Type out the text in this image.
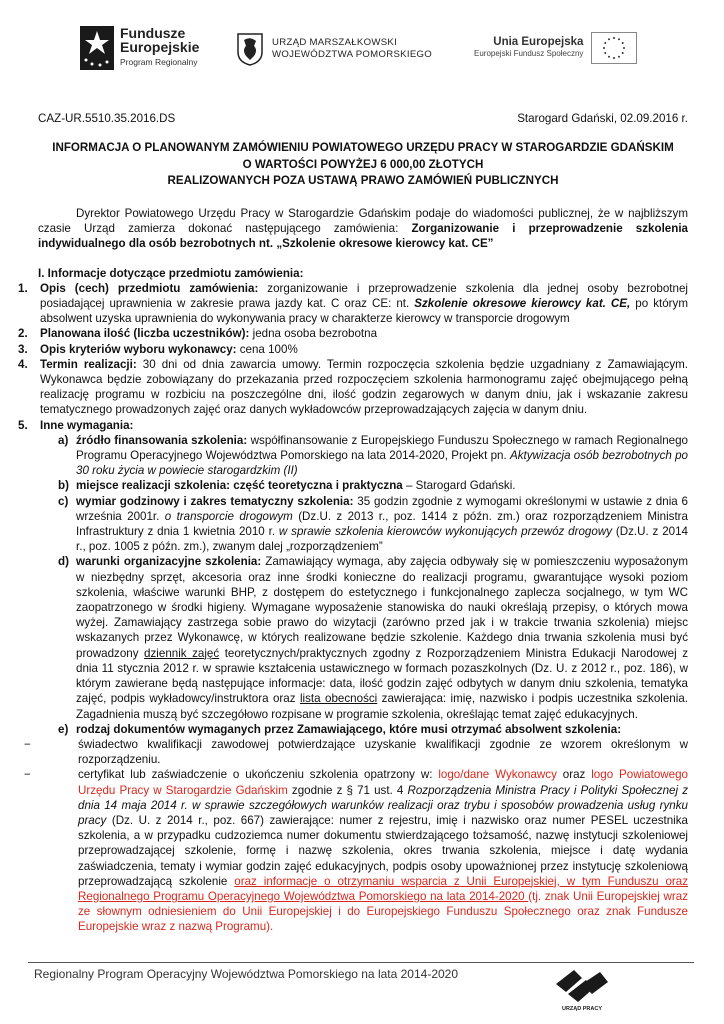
Fundusze
Europejskie
Program Regionalny
URZĄD MARSZAŁKOWSKI
WOJEWÓDZTWA POMORSKIEGO
Unia Europejska
Europejski Fundusz Społeczny
CAZ-UR.5510.35.2016.DS	Starogard Gdański, 02.09.2016 r.
INFORMACJA O PLANOWANYM ZAMÓWIENIU POWIATOWEGO URZĘDU PRACY W STAROGARDZIE GDAŃSKIM
O WARTOŚCI POWYŻEJ 6 000,00 ZŁOTYCH
REALIZOWANYCH POZA USTAWĄ PRAWO ZAMÓWIEŃ PUBLICZNYCH

Dyrektor Powiatowego Urzędu Pracy w Starogardzie Gdańskim podaje do wiadomości publicznej, że w najbliższym czasie Urząd zamierza dokonać następującego zamówienia: Zorganizowanie i przeprowadzenie szkolenia indywidualnego dla osób bezrobotnych nt. „Szkolenie okresowe kierowcy kat. CE”

I. Informacje dotyczące przedmiotu zamówienia:

1.	Opis (cech) przedmiotu zamówienia: zorganizowanie i przeprowadzenie szkolenia dla jednej osoby bezrobotnej posiadającej uprawnienia w zakresie prawa jazdy kat. C oraz CE: nt. Szkolenie okresowe kierowcy kat. CE, po którym absolwent uzyska uprawnienia do wykonywania pracy w charakterze kierowcy w transporcie drogowym
2.	Planowana ilość (liczba uczestników): jedna osoba bezrobotna
3.	Opis kryteriów wyboru wykonawcy: cena 100%
4.	Termin realizacji: 30 dni od dnia zawarcia umowy. Termin rozpoczęcia szkolenia będzie uzgadniany z Zamawiającym. Wykonawca będzie zobowiązany do przekazania przed rozpoczęciem szkolenia harmonogramu zajęć obejmującego pełną realizację programu w rozbiciu na poszczególne dni, ilość godzin zegarowych w danym dniu, jak i wskazanie zakresu tematycznego prowadzonych zajęć oraz danych wykładowców przeprowadzających zajęcia w danym dniu.
5.	Inne wymagania:
a) źródło finansowania szkolenia: współfinansowanie z Europejskiego Funduszu Społecznego w ramach Regionalnego Programu Operacyjnego Województwa Pomorskiego na lata 2014-2020, Projekt pn. Aktywizacja osób bezrobotnych po 30 roku życia w powiecie starogardzkim (II)
b) miejsce realizacji szkolenia: część teoretyczna i praktyczna – Starogard Gdański.
c) wymiar godzinowy i zakres tematyczny szkolenia: 35 godzin zgodnie z wymogami określonymi w ustawie z dnia 6 września 2001r. o transporcie drogowym (Dz.U. z 2013 r., poz. 1414 z późn. zm.) oraz rozporządzeniem Ministra Infrastruktury z dnia 1 kwietnia 2010 r. w sprawie szkolenia kierowców wykonujących przewóz drogowy (Dz.U. z 2014 r., poz. 1005 z późn. zm.), zwanym dalej „rozporządzeniem”
d) warunki organizacyjne szkolenia: Zamawiający wymaga, aby zajęcia odbywały się w pomieszczeniu wyposażonym w niezbędny sprzęt, akcesoria oraz inne środki konieczne do realizacji programu, gwarantujące wysoki poziom szkolenia, właściwe warunki BHP, z dostępem do estetycznego i funkcjonalnego zaplecza socjalnego, w tym WC zaopatrzonego w środki higieny. Wymagane wyposażenie stanowiska do nauki określają przepisy, o których mowa wyżej. Zamawiający zastrzega sobie prawo do wizytacji (zarówno przed jak i w trakcie trwania szkolenia) miejsc wskazanych przez Wykonawcę, w których realizowane będzie szkolenie. Każdego dnia trwania szkolenia musi być prowadzony dziennik zajęć teoretycznych/praktycznych zgodny z Rozporządzeniem Ministra Edukacji Narodowej z dnia 11 stycznia 2012 r. w sprawie kształcenia ustawicznego w formach pozaszkolnych (Dz. U. z 2012 r., poz. 186), w którym zawierane będą następujące informacje: data, ilość godzin zajęć odbytych w danym dniu szkolenia, tematyka zajęć, podpis wykładowcy/instruktora oraz lista obecności zawierająca: imię, nazwisko i podpis uczestnika szkolenia. Zagadnienia muszą być szczegółowo rozpisane w programie szkolenia, określając temat zajęć edukacyjnych.
e) rodzaj dokumentów wymaganych przez Zamawiającego, które musi otrzymać absolwent szkolenia:
−	świadectwo kwalifikacji zawodowej potwierdzające uzyskanie kwalifikacji zgodnie ze wzorem określonym w rozporządzeniu.
−	certyfikat lub zaświadczenie o ukończeniu szkolenia opatrzony w: logo/dane Wykonawcy oraz logo Powiatowego Urzędu Pracy w Starogardzie Gdańskim zgodnie z § 71 ust. 4 Rozporządzenia Ministra Pracy i Polityki Społecznej z dnia 14 maja 2014 r. w sprawie szczegółowych warunków realizacji oraz trybu i sposobów prowadzenia usług rynku pracy (Dz. U. z 2014 r., poz. 667) zawierające: numer z rejestru, imię i nazwisko oraz numer PESEL uczestnika szkolenia, a w przypadku cudzoziemca numer dokumentu stwierdzającego tożsamość, nazwę instytucji szkoleniowej przeprowadzającej szkolenie, formę i nazwę szkolenia, okres trwania szkolenia, miejsce i datę wydania zaświadczenia, tematy i wymiar godzin zajęć edukacyjnych, podpis osoby upoważnionej przez instytucję szkoleniową przeprowadzającą szkolenie oraz informacje o otrzymaniu wsparcia z Unii Europejskiej, w tym Funduszu oraz Regionalnego Programu Operacyjnego Województwa Pomorskiego na lata 2014-2020 (tj. znak Unii Europejskiej wraz ze słownym odniesieniem do Unii Europejskiej i do Europejskiego Funduszu Społecznego oraz znak Fundusze Europejskie wraz z nazwą Programu).
Regionalny Program Operacyjny Województwa Pomorskiego na lata 2014-2020
URZĄD PRACY
